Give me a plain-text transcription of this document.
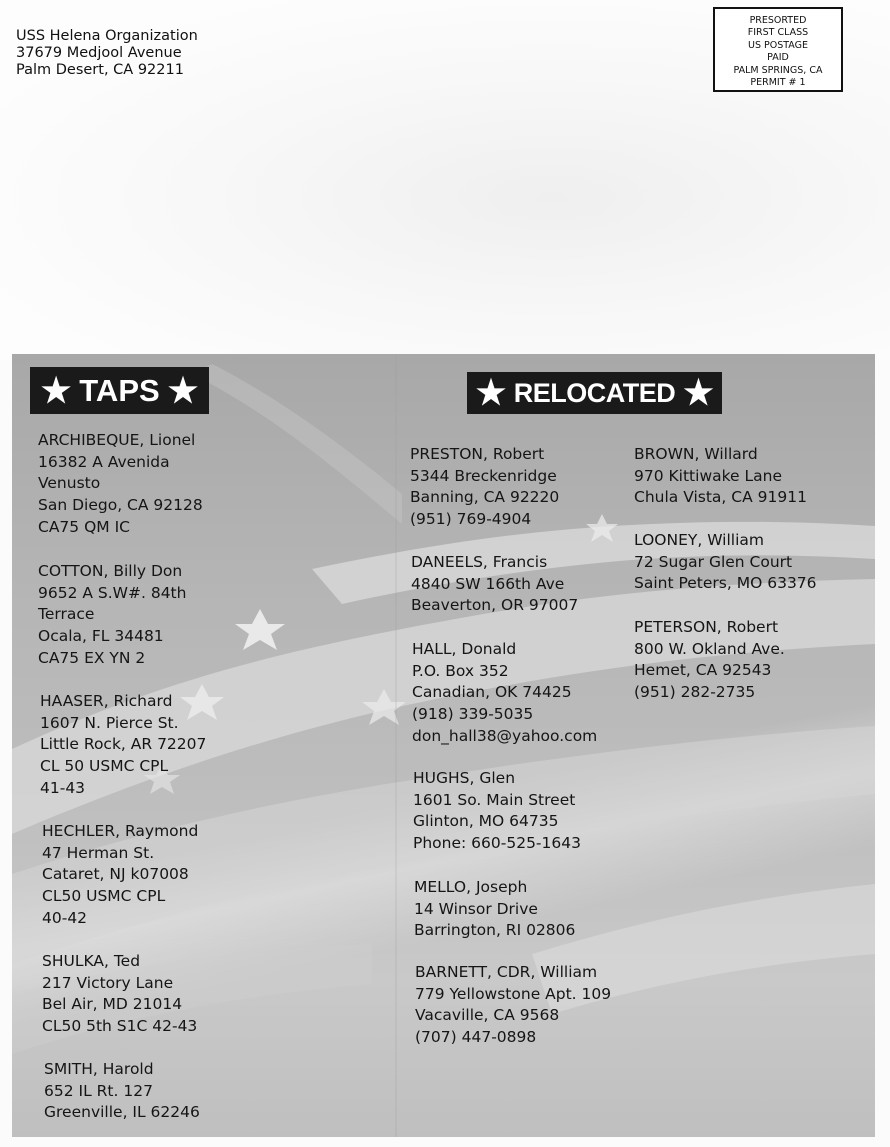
USS Helena Organization
37679 Medjool Avenue
Palm Desert, CA 92211
PRESORTED
FIRST CLASS
US POSTAGE
PAID
PALM SPRINGS, CA
PERMIT # 1
★ TAPS ★	★ RELOCATED ★
ARCHIBEQUE, Lionel
16382 A Avenida
Venusto
San Diego, CA 92128
CA75 QM IC
COTTON, Billy Don
9652 A S.W#. 84th
Terrace
Ocala, FL 34481
CA75 EX YN 2
HAASER, Richard
1607 N. Pierce St.
Little Rock, AR 72207
CL 50 USMC CPL
41-43
HECHLER, Raymond
47 Herman St.
Cataret, NJ k07008
CL50 USMC CPL
40-42
SHULKA, Ted
217 Victory Lane
Bel Air, MD 21014
CL50 5th S1C 42-43
SMITH, Harold
652 IL Rt. 127
Greenville, IL 62246
PRESTON, Robert
5344 Breckenridge
Banning, CA 92220
(951) 769-4904
DANEELS, Francis
4840 SW 166th Ave
Beaverton, OR 97007
HALL, Donald
P.O. Box 352
Canadian, OK 74425
(918) 339-5035
don_hall38@yahoo.com
HUGHS, Glen
1601 So. Main Street
Glinton, MO 64735
Phone: 660-525-1643
MELLO, Joseph
14 Winsor Drive
Barrington, RI 02806
BARNETT, CDR, William
779 Yellowstone Apt. 109
Vacaville, CA 9568
(707) 447-0898
BROWN, Willard
970 Kittiwake Lane
Chula Vista, CA 91911
LOONEY, William
72 Sugar Glen Court
Saint Peters, MO 63376
PETERSON, Robert
800 W. Okland Ave.
Hemet, CA 92543
(951) 282-2735
